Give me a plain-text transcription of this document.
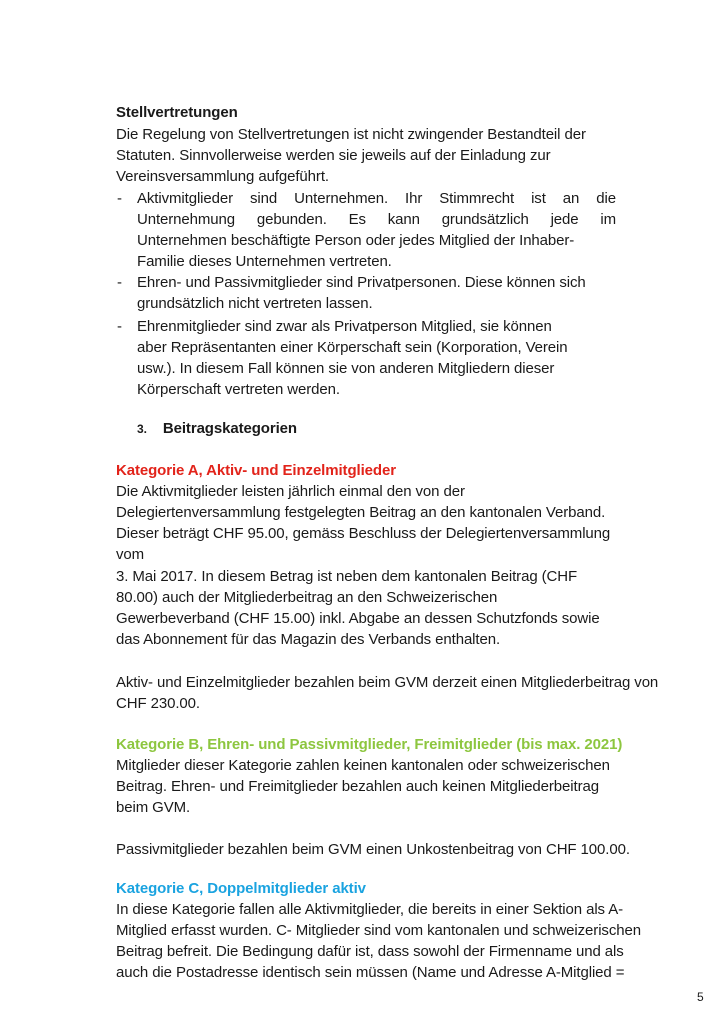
Stellvertretungen
Die Regelung von Stellvertretungen ist nicht zwingender Bestandteil der
Statuten. Sinnvollerweise werden sie jeweils auf der Einladung zur
Vereinsversammlung aufgeführt.
- Aktivmitglieder sind Unternehmen. Ihr Stimmrecht ist an die
Unternehmung gebunden. Es kann grundsätzlich jede im
Unternehmen beschäftigte Person oder jedes Mitglied der Inhaber-
Familie dieses Unternehmen vertreten.
- Ehren- und Passivmitglieder sind Privatpersonen. Diese können sich
grundsätzlich nicht vertreten lassen.
- Ehrenmitglieder sind zwar als Privatperson Mitglied, sie können
aber Repräsentanten einer Körperschaft sein (Korporation, Verein
usw.). In diesem Fall können sie von anderen Mitgliedern dieser
Körperschaft vertreten werden.
3. Beitragskategorien
Kategorie A, Aktiv- und Einzelmitglieder
Die Aktivmitglieder leisten jährlich einmal den von der
Delegiertenversammlung festgelegten Beitrag an den kantonalen Verband.
Dieser beträgt CHF 95.00, gemäss Beschluss der Delegiertenversammlung
vom
3. Mai 2017. In diesem Betrag ist neben dem kantonalen Beitrag (CHF
80.00) auch der Mitgliederbeitrag an den Schweizerischen
Gewerbeverband (CHF 15.00) inkl. Abgabe an dessen Schutzfonds sowie
das Abonnement für das Magazin des Verbands enthalten.
Aktiv- und Einzelmitglieder bezahlen beim GVM derzeit einen Mitgliederbeitrag von
CHF 230.00.
Kategorie B, Ehren- und Passivmitglieder, Freimitglieder (bis max. 2021)
Mitglieder dieser Kategorie zahlen keinen kantonalen oder schweizerischen
Beitrag. Ehren- und Freimitglieder bezahlen auch keinen Mitgliederbeitrag
beim GVM.
Passivmitglieder bezahlen beim GVM einen Unkostenbeitrag von CHF 100.00.
Kategorie C, Doppelmitglieder aktiv
In diese Kategorie fallen alle Aktivmitglieder, die bereits in einer Sektion als A-
Mitglied erfasst wurden. C- Mitglieder sind vom kantonalen und schweizerischen
Beitrag befreit. Die Bedingung dafür ist, dass sowohl der Firmenname und als
auch die Postadresse identisch sein müssen (Name und Adresse A-Mitglied =
5
